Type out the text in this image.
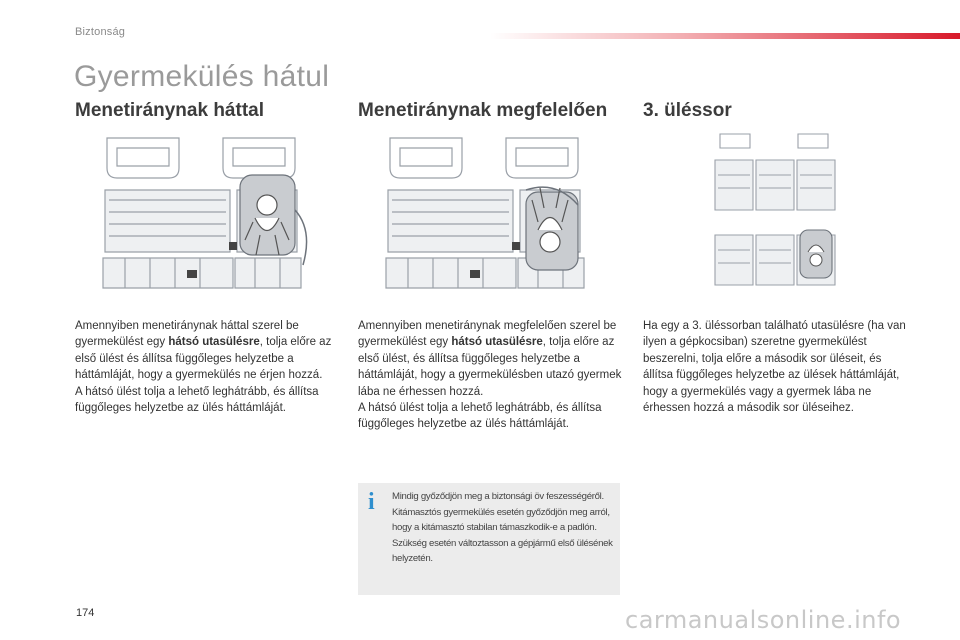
Biztonság
Gyermekülés hátul
Menetiránynak háttal	Menetiránynak megfelelően 3. üléssor
Amennyiben menetiránynak háttal szerel be gyermekülést egy hátsó utasülésre, tolja előre az első ülést és állítsa függőleges helyzetbe a háttámláját, hogy a gyermekülés ne érjen hozzá.
A hátsó ülést tolja a lehető leghátrább, és állítsa függőleges helyzetbe az ülés háttámláját.
Amennyiben menetiránynak megfelelően szerel be gyermekülést egy hátsó utasülésre, tolja előre az első ülést, és állítsa függőleges helyzetbe a háttámláját, hogy a gyermekülésben utazó gyermek lába ne érhessen hozzá.
A hátsó ülést tolja a lehető leghátrább, és állítsa függőleges helyzetbe az ülés háttámláját.
Ha egy a 3. üléssorban található utasülésre (ha van ilyen a gépkocsiban) szeretne gyermekülést beszerelni, tolja előre a második sor üléseit, és állítsa függőleges helyzetbe az ülések háttámláját, hogy a gyermekülés vagy a gyermek lába ne érhessen hozzá a második sor üléseihez.
i Mindig győződjön meg a biztonsági öv feszességéről.
Kitámasztós gyermekülés esetén győződjön meg arról, hogy a kitámasztó stabilan támaszkodik-e a padlón. Szükség esetén változtasson a gépjármű első ülésének helyzetén.
174	carmanualsonline.info
